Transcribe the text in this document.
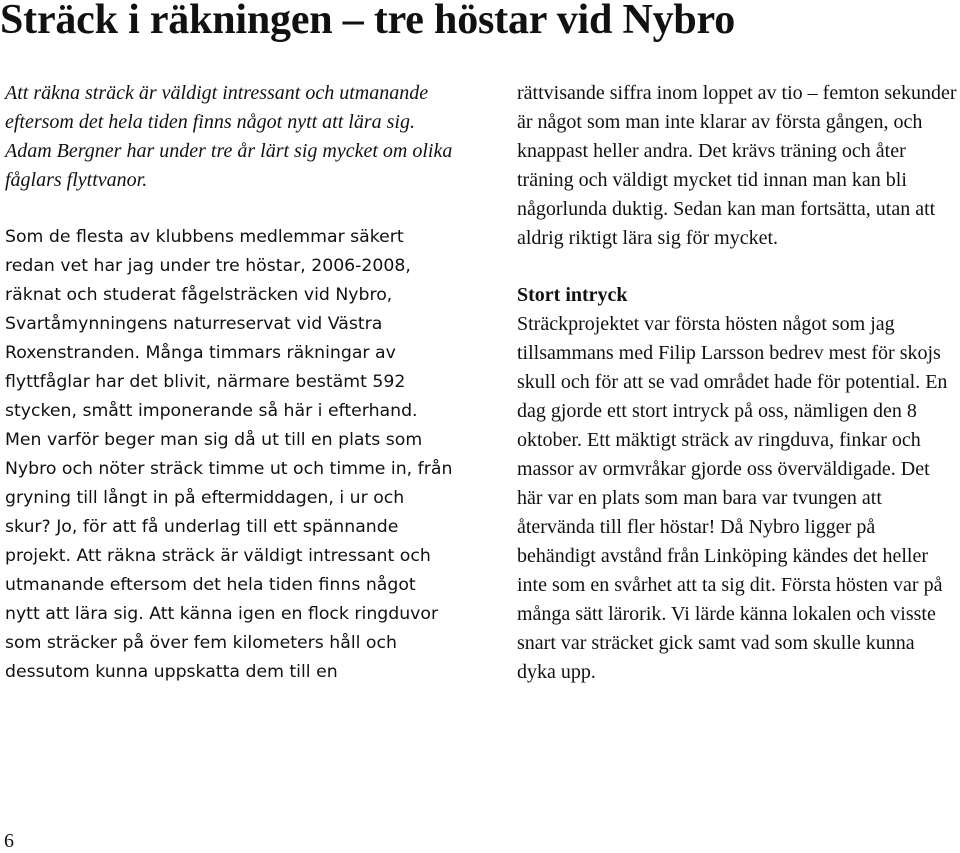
Sträck i räkningen – tre höstar vid Nybro

Att räkna sträck är väldigt intressant och utmanande eftersom det hela tiden finns något nytt att lära sig. Adam Bergner har under tre år lärt sig mycket om olika fåglars flyttvanor.

Som de flesta av klubbens medlemmar säkert redan vet har jag under tre höstar, 2006-2008, räknat och studerat fågelsträcken vid Nybro, Svartåmynningens naturreservat vid Västra Roxenstranden. Många timmars räkningar av flyttfåglar har det blivit, närmare bestämt 592 stycken, smått imponerande så här i efterhand. Men varför beger man sig då ut till en plats som Nybro och nöter sträck timme ut och timme in, från gryning till långt in på eftermiddagen, i ur och skur? Jo, för att få underlag till ett spännande projekt. Att räkna sträck är väldigt intressant och utmanande eftersom det hela tiden finns något nytt att lära sig. Att känna igen en flock ringduvor som sträcker på över fem kilometers håll och dessutom kunna uppskatta dem till en

rättvisande siffra inom loppet av tio – femton sekunder är något som man inte klarar av första gången, och knappast heller andra. Det krävs träning och åter träning och väldigt mycket tid innan man kan bli någorlunda duktig. Sedan kan man fortsätta, utan att aldrig riktigt lära sig för mycket.

Stort intryck

Sträckprojektet var första hösten något som jag tillsammans med Filip Larsson bedrev mest för skojs skull och för att se vad området hade för potential. En dag gjorde ett stort intryck på oss, nämligen den 8 oktober. Ett mäktigt sträck av ringduva, finkar och massor av ormvråkar gjorde oss överväldigade. Det här var en plats som man bara var tvungen att återvända till fler höstar! Då Nybro ligger på behändigt avstånd från Linköping kändes det heller inte som en svårhet att ta sig dit. Första hösten var på många sätt lärorik. Vi lärde känna lokalen och visste snart var sträcket gick samt vad som skulle kunna dyka upp.

6
